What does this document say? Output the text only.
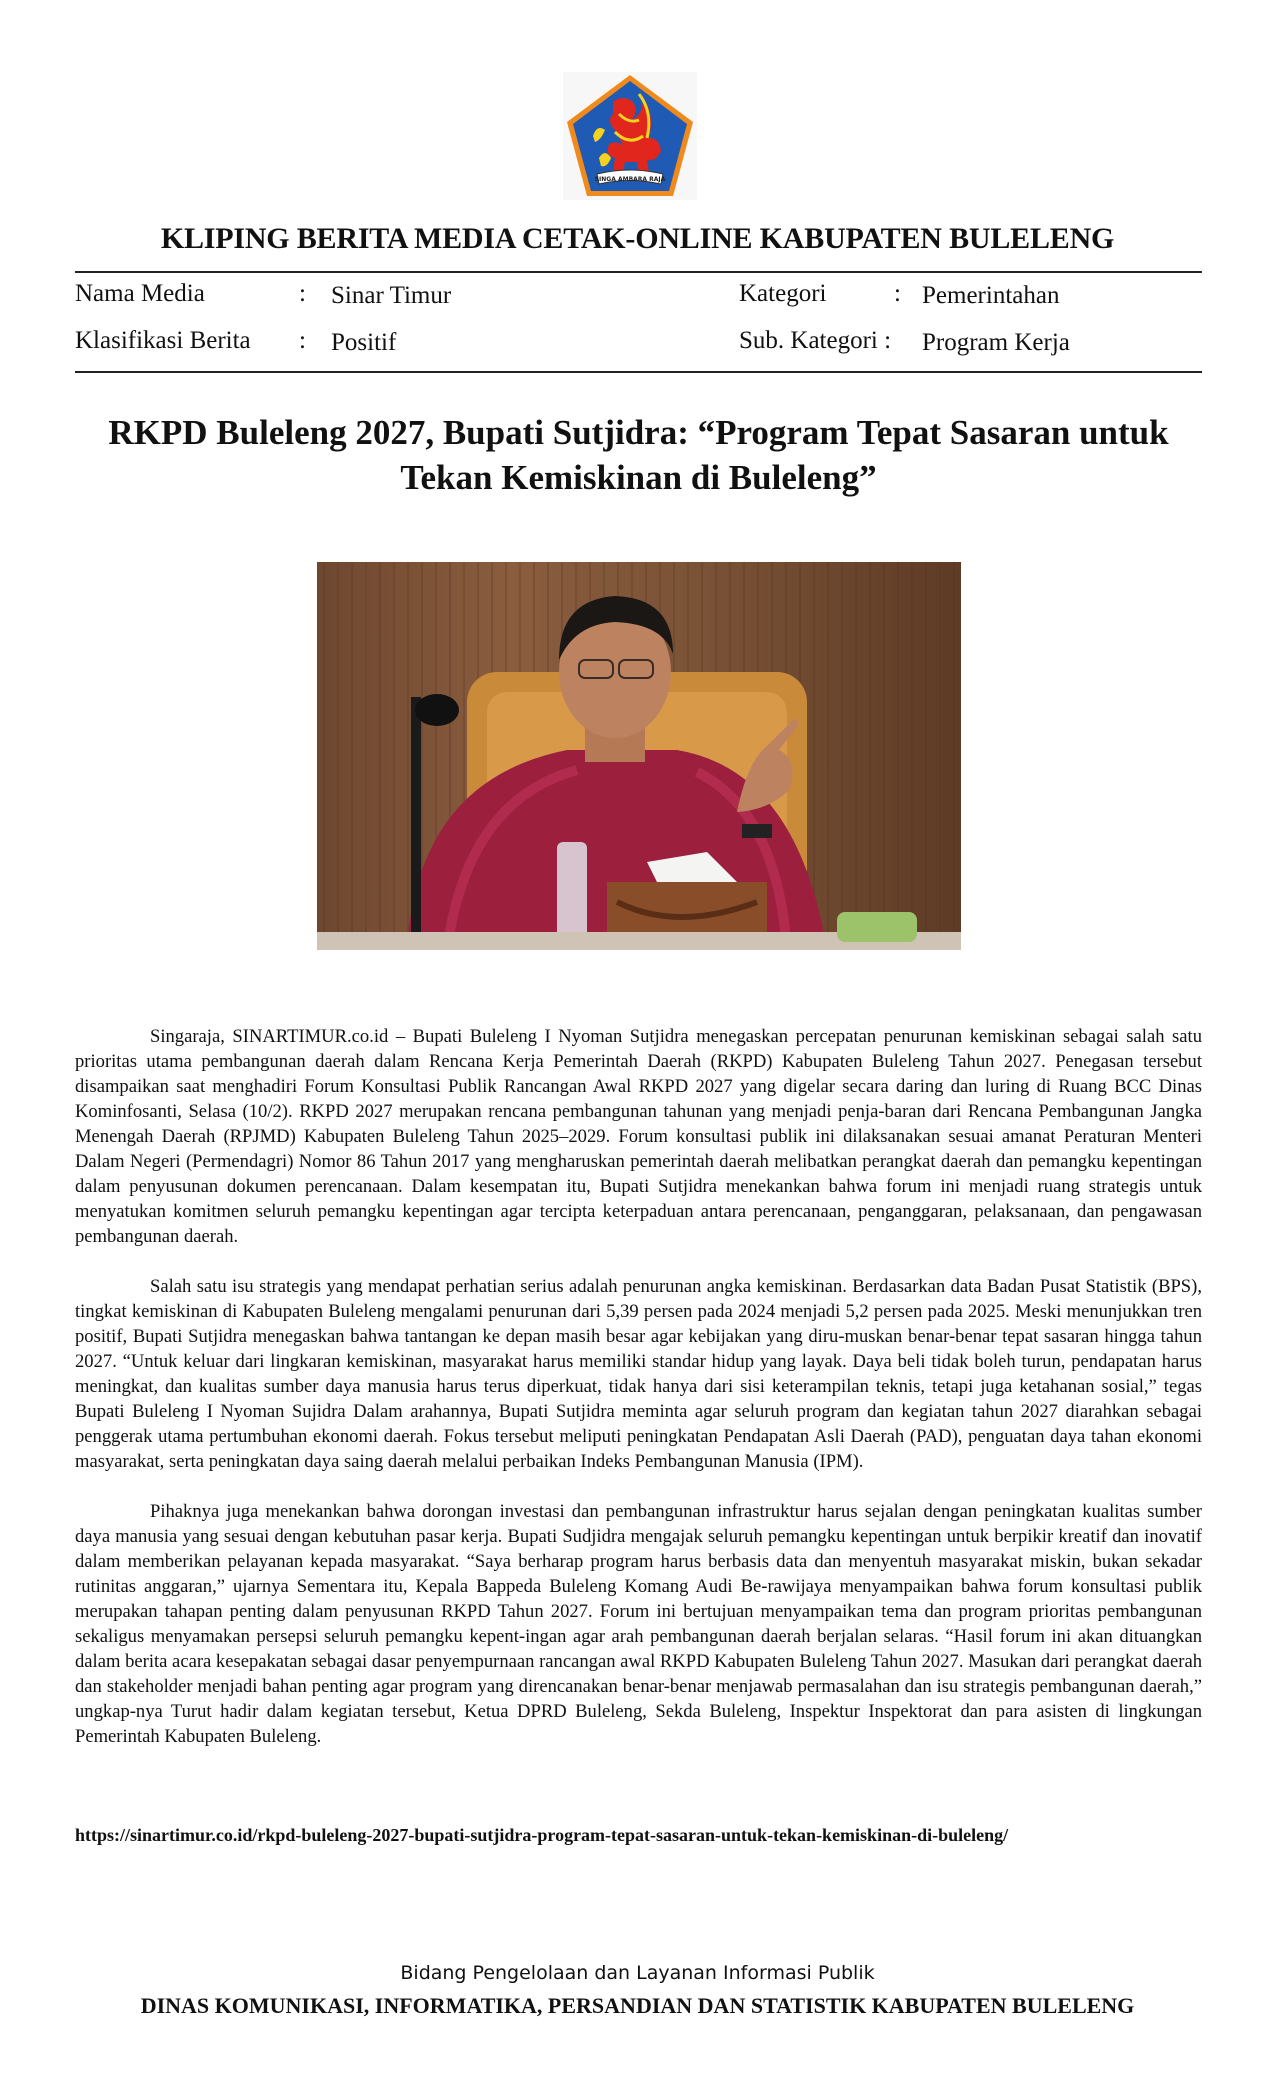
SINGA AMBARA RAJA
KLIPING BERITA MEDIA CETAK-ONLINE KABUPATEN BULELENG
Nama Media	: Sinar Timur
Klasifikasi Berita : Positif
Kategori	: Pemerintahan
Sub. Kategori : Program Kerja
RKPD Buleleng 2027, Bupati Sutjidra: “Program Tepat Sasaran untuk
Tekan Kemiskinan di Buleleng”

Singaraja, SINARTIMUR.co.id – Bupati Buleleng I Nyoman Sutjidra menegaskan percepatan penurunan kemiskinan sebagai salah satu prioritas utama pembangunan daerah dalam Rencana Kerja Pemerintah Daerah (RKPD) Kabupaten Buleleng Tahun 2027. Penegasan tersebut disampaikan saat menghadiri Forum Konsultasi Publik Rancangan Awal RKPD 2027 yang digelar secara daring dan luring di Ruang BCC Dinas Kominfosanti, Selasa (10/2). RKPD 2027 merupakan rencana pembangunan tahunan yang menjadi penja-baran dari Rencana Pembangunan Jangka Menengah Daerah (RPJMD) Kabupaten Buleleng Tahun 2025–2029. Forum konsultasi publik ini dilaksanakan sesuai amanat Peraturan Menteri Dalam Negeri (Permendagri) Nomor 86 Tahun 2017 yang mengharuskan pemerintah daerah melibatkan perangkat daerah dan pemangku kepentingan dalam penyusunan dokumen perencanaan. Dalam kesempatan itu, Bupati Sutjidra menekankan bahwa forum ini menjadi ruang strategis untuk menyatukan komitmen seluruh pemangku kepentingan agar tercipta keterpaduan antara perencanaan, penganggaran, pelaksanaan, dan pengawasan pembangunan daerah.

Salah satu isu strategis yang mendapat perhatian serius adalah penurunan angka kemiskinan. Berdasarkan data Badan Pusat Statistik (BPS), tingkat kemiskinan di Kabupaten Buleleng mengalami penurunan dari 5,39 persen pada 2024 menjadi 5,2 persen pada 2025. Meski menunjukkan tren positif, Bupati Sutjidra menegaskan bahwa tantangan ke depan masih besar agar kebijakan yang diru-muskan benar-benar tepat sasaran hingga tahun 2027. “Untuk keluar dari lingkaran kemiskinan, masyarakat harus memiliki standar hidup yang layak. Daya beli tidak boleh turun, pendapatan harus meningkat, dan kualitas sumber daya manusia harus terus diperkuat, tidak hanya dari sisi keterampilan teknis, tetapi juga ketahanan sosial,” tegas Bupati Buleleng I Nyoman Sujidra Dalam arahannya, Bupati Sutjidra meminta agar seluruh program dan kegiatan tahun 2027 diarahkan sebagai penggerak utama pertumbuhan ekonomi daerah. Fokus tersebut meliputi peningkatan Pendapatan Asli Daerah (PAD), penguatan daya tahan ekonomi masyarakat, serta peningkatan daya saing daerah melalui perbaikan Indeks Pembangunan Manusia (IPM).

Pihaknya juga menekankan bahwa dorongan investasi dan pembangunan infrastruktur harus sejalan dengan peningkatan kualitas sumber daya manusia yang sesuai dengan kebutuhan pasar kerja. Bupati Sudjidra mengajak seluruh pemangku kepentingan untuk berpikir kreatif dan inovatif dalam memberikan pelayanan kepada masyarakat. “Saya berharap program harus berbasis data dan menyentuh masyarakat miskin, bukan sekadar rutinitas anggaran,” ujarnya Sementara itu, Kepala Bappeda Buleleng Komang Audi Be-rawijaya menyampaikan bahwa forum konsultasi publik merupakan tahapan penting dalam penyusunan RKPD Tahun 2027. Forum ini bertujuan menyampaikan tema dan program prioritas pembangunan sekaligus menyamakan persepsi seluruh pemangku kepent-ingan agar arah pembangunan daerah berjalan selaras. “Hasil forum ini akan dituangkan dalam berita acara kesepakatan sebagai dasar penyempurnaan rancangan awal RKPD Kabupaten Buleleng Tahun 2027. Masukan dari perangkat daerah dan stakeholder menjadi bahan penting agar program yang direncanakan benar-benar menjawab permasalahan dan isu strategis pembangunan daerah,” ungkap-nya Turut hadir dalam kegiatan tersebut, Ketua DPRD Buleleng, Sekda Buleleng, Inspektur Inspektorat dan para asisten di lingkungan Pemerintah Kabupaten Buleleng.

https://sinartimur.co.id/rkpd-buleleng-2027-bupati-sutjidra-program-tepat-sasaran-untuk-tekan-kemiskinan-di-buleleng/
Bidang Pengelolaan dan Layanan Informasi Publik
DINAS KOMUNIKASI, INFORMATIKA, PERSANDIAN DAN STATISTIK KABUPATEN BULELENG
